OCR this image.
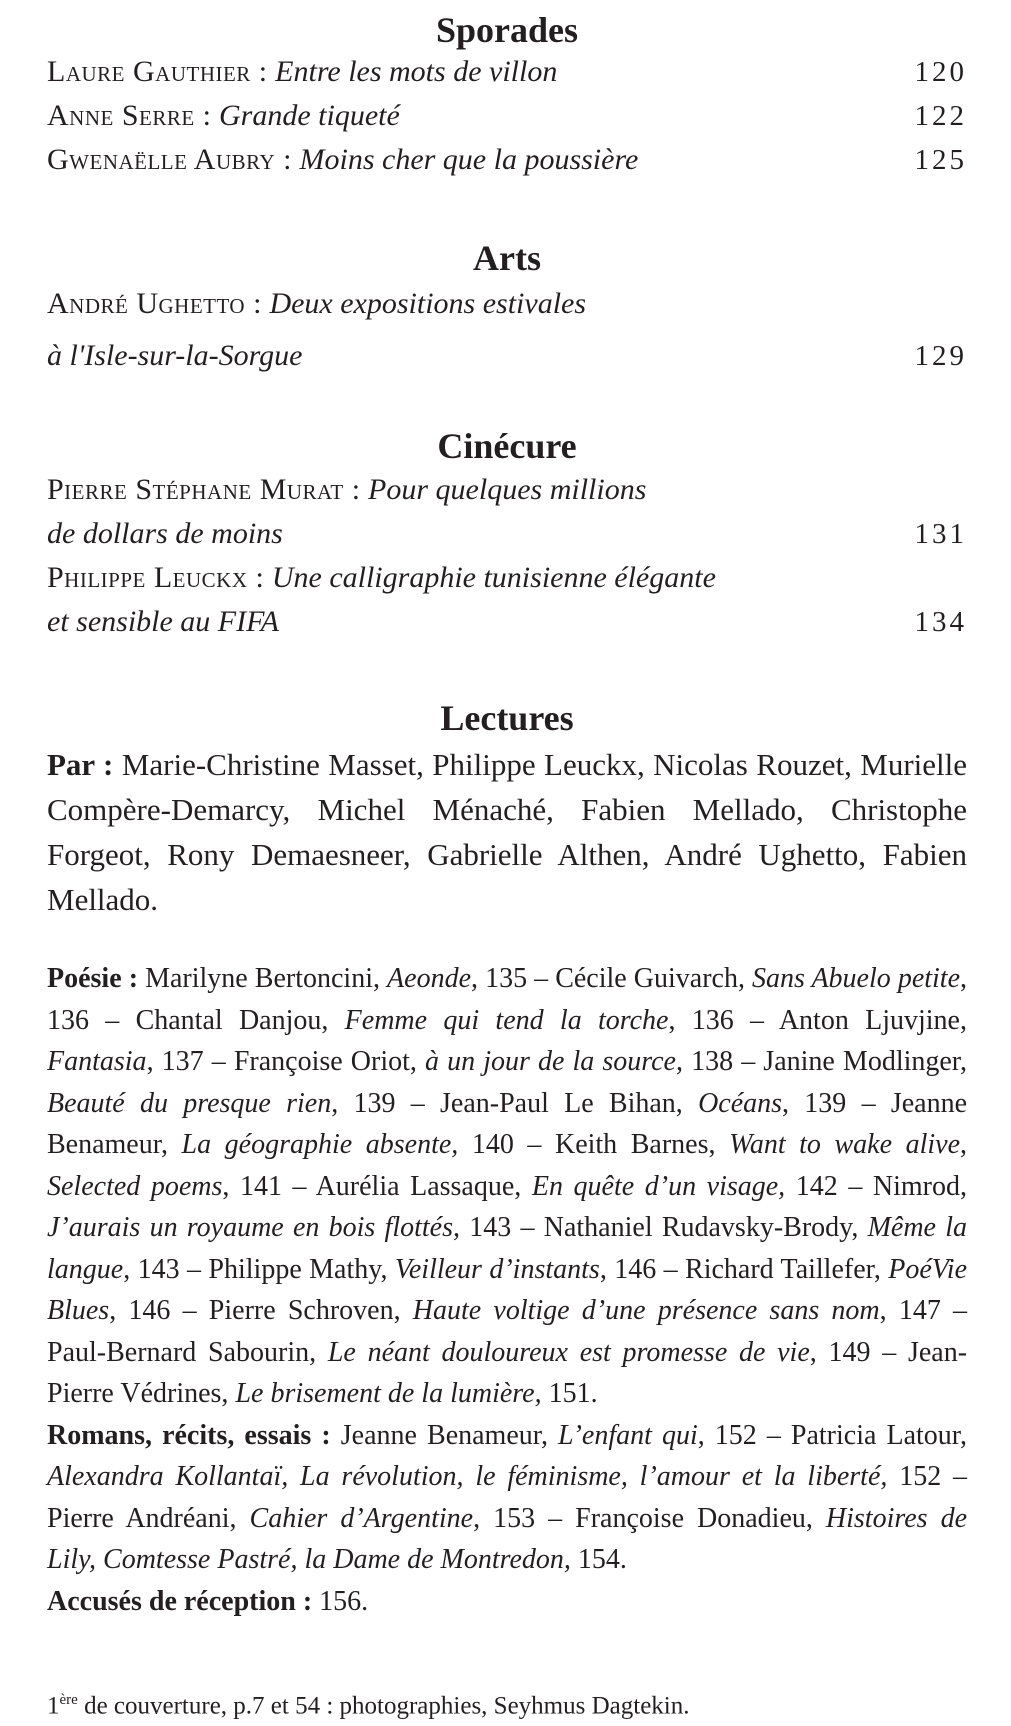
Sporades
Laure Gauthier : Entre les mots de villon	120
Anne Serre : Grande tiqueté	122
Gwenaëlle Aubry : Moins cher que la poussière	125
Arts
André Ughetto : Deux expositions estivales
à l'Isle-sur-la-Sorgue	129
Cinécure
Pierre Stéphane Murat : Pour quelques millions
de dollars de moins	131
Philippe Leuckx : Une calligraphie tunisienne élégante
et sensible au FIFA	134
Lectures
Par : Marie-Christine Masset, Philippe Leuckx, Nicolas Rouzet, Murielle Compère-Demarcy, Michel Ménaché, Fabien Mellado, Christophe Forgeot, Rony Demaesneer, Gabrielle Althen, André Ughetto, Fabien Mellado.
Poésie : Marilyne Bertoncini, Aeonde, 135 – Cécile Guivarch, Sans Abuelo petite, 136 – Chantal Danjou, Femme qui tend la torche, 136 – Anton Ljuvjine, Fantasia, 137 – Françoise Oriot, à un jour de la source, 138 – Janine Modlinger, Beauté du presque rien, 139 – Jean-Paul Le Bihan, Océans, 139 – Jeanne Benameur, La géographie absente, 140 – Keith Barnes, Want to wake alive, Selected poems, 141 – Aurélia Lassaque, En quête d’un visage, 142 – Nimrod, J’aurais un royaume en bois flottés, 143 – Nathaniel Rudavsky-Brody, Même la langue, 143 – Philippe Mathy, Veilleur d’instants, 146 – Richard Taillefer, PoéVie Blues, 146 – Pierre Schroven, Haute voltige d’une présence sans nom, 147 – Paul-Bernard Sabourin, Le néant douloureux est promesse de vie, 149 – Jean-Pierre Védrines, Le brisement de la lumière, 151.
Romans, récits, essais : Jeanne Benameur, L’enfant qui, 152 – Patricia Latour, Alexandra Kollantaï, La révolution, le féminisme, l’amour et la liberté, 152 – Pierre Andréani, Cahier d’Argentine, 153 – Françoise Donadieu, Histoires de Lily, Comtesse Pastré, la Dame de Montredon, 154.
Accusés de réception : 156.
1ère de couverture, p.7 et 54 : photographies, Seyhmus Dagtekin.
